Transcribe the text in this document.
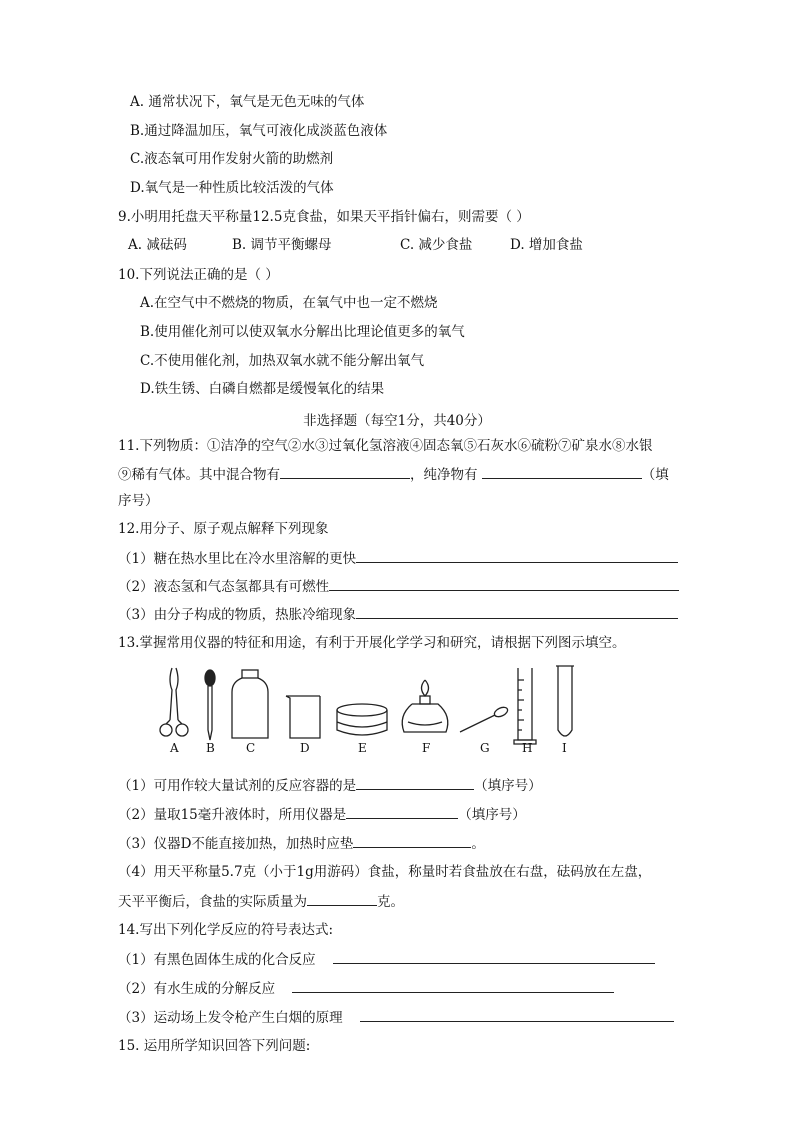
A. 通常状况下，氧气是无色无味的气体
B.通过降温加压，氧气可液化成淡蓝色液体
C.液态氧可用作发射火箭的助燃剂
D.氧气是一种性质比较活泼的气体
9.小明用托盘天平称量12.5克食盐，如果天平指针偏右，则需要（ ）
A. 减砝码	B. 调节平衡螺母	C. 减少食盐	D. 增加食盐
10.下列说法正确的是（ ）
A.在空气中不燃烧的物质，在氧气中也一定不燃烧
B.使用催化剂可以使双氧水分解出比理论值更多的氧气
C.不使用催化剂，加热双氧水就不能分解出氧气
D.铁生锈、白磷自燃都是缓慢氧化的结果
非选择题（每空1分，共40分）
11.下列物质：①洁净的空气②水③过氧化氢溶液④固态氧⑤石灰水⑥硫粉⑦矿泉水⑧水银
⑨稀有气体。其中混合物有	，纯净物有	（填
序号）
12.用分子、原子观点解释下列现象
（1）糖在热水里比在冷水里溶解的更快
（2）液态氢和气态氢都具有可燃性
（3）由分子构成的物质，热胀冷缩现象
13.掌握常用仪器的特征和用途，有利于开展化学学习和研究，请根据下列图示填空。
A B	C	D	E	F	G	H I
（1）可用作较大量试剂的反应容器的是	（填序号）
（2）量取15毫升液体时，所用仪器是	（填序号）
（3）仪器D不能直接加热，加热时应垫	。
（4）用天平称量5.7克（小于1g用游码）食盐，称量时若食盐放在右盘，砝码放在左盘，
天平平衡后，食盐的实际质量为	克。
14.写出下列化学反应的符号表达式:
（1）有黑色固体生成的化合反应
（2）有水生成的分解反应
（3）运动场上发令枪产生白烟的原理
15. 运用所学知识回答下列问题:
